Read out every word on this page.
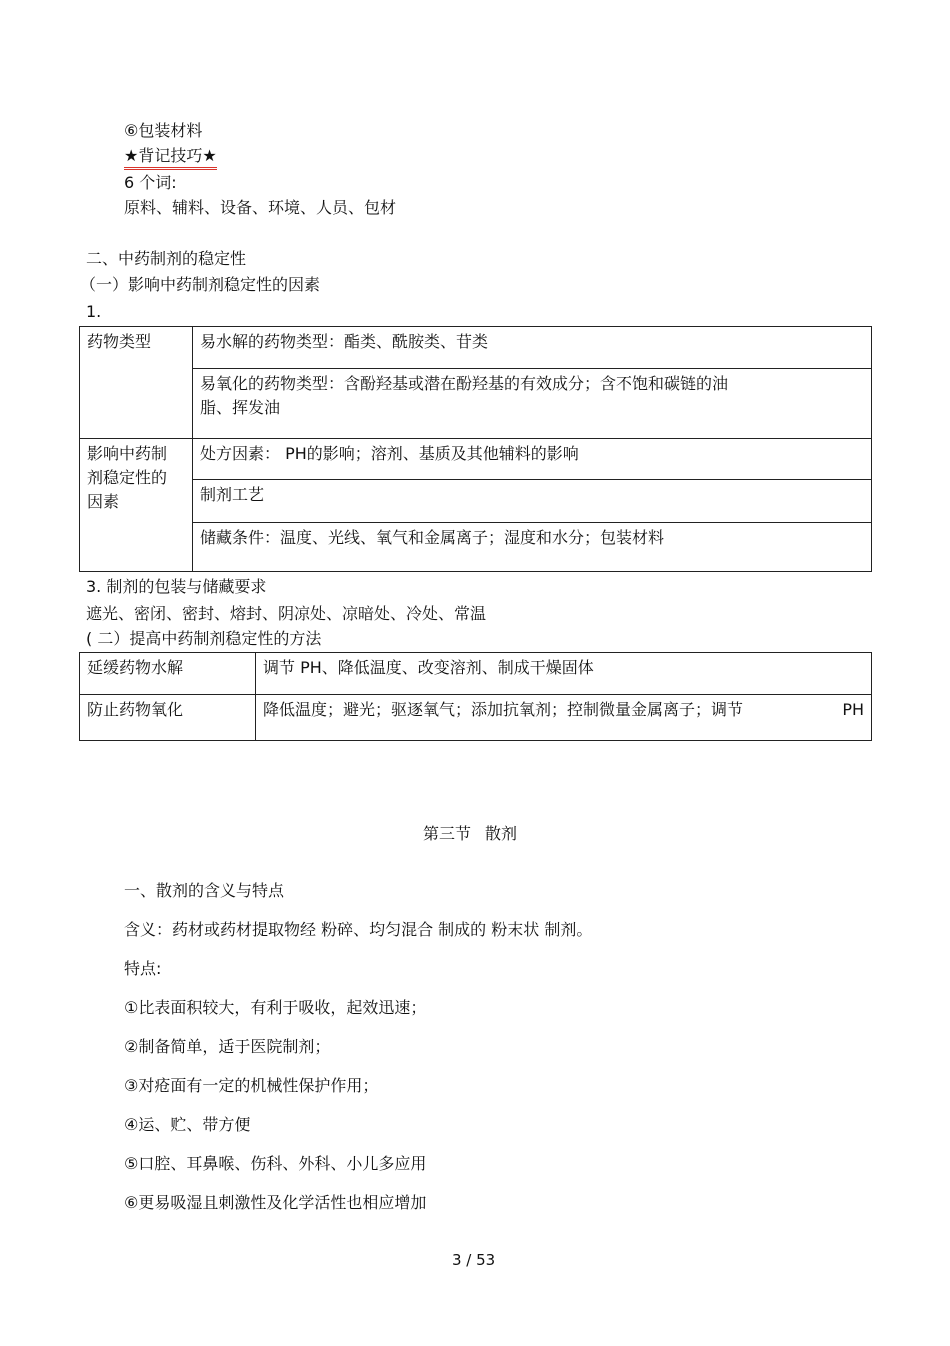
⑥包装材料
★背记技巧★
6 个词:
原料、辅料、设备、环境、人员、包材
二、中药制剂的稳定性
（一）影响中药制剂稳定性的因素
1.
药物类型	易水解的药物类型：酯类、酰胺类、苷类

	易氧化的药物类型：含酚羟基或潜在酚羟基的有效成分；含不饱和碳链的油
脂、挥发油

影响中药制
剂稳定性的
因素	处方因素： PH的影响；溶剂、基质及其他辅料的影响
	制剂工艺
	储藏条件：温度、光线、氧气和金属离子；湿度和水分；包装材料
3. 制剂的包装与储藏要求
遮光、密闭、密封、熔封、阴凉处、凉暗处、冷处、常温
( 二）提高中药制剂稳定性的方法
延缓药物水解	调节 PH、降低温度、改变溶剂、制成干燥固体
防止药物氧化	降低温度；避光；驱逐氧气；添加抗氧剂；控制微量金属离子；调节 PH
第三节 散剂
一、散剂的含义与特点
含义：药材或药材提取物经 粉碎、均匀混合 制成的 粉末状 制剂。
特点:
①比表面积较大，有利于吸收，起效迅速；
②制备简单，适于医院制剂；
③对疮面有一定的机械性保护作用；
④运、贮、带方便
⑤口腔、耳鼻喉、伤科、外科、小儿多应用
⑥更易吸湿且刺激性及化学活性也相应增加
3 / 53
